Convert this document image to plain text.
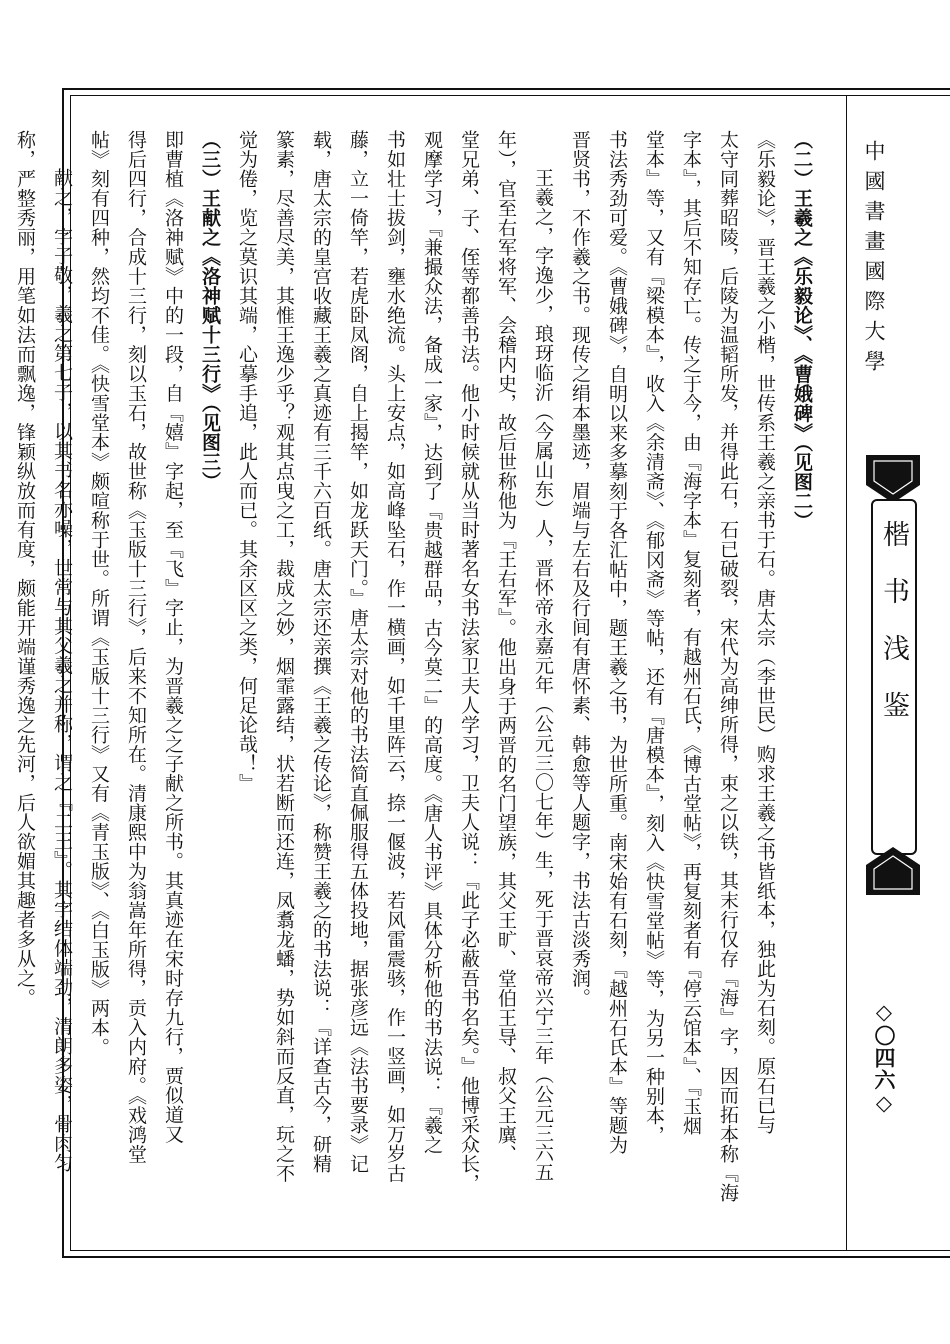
中國書畫國際大學
楷书浅鉴
◇〇四六◇
（二）王羲之《乐毅论》、《曹娥碑》（见图二）
《乐毅论》，晋王羲之小楷，世传系王羲之亲书于石。唐太宗（李世民）购求王羲之书皆纸本，独此为石刻。原石已与
太守同葬昭陵，后陵为温韬所发，并得此石，石已破裂，宋代为高绅所得，束之以铁，其末行仅存『海』字，因而拓本称『海
字本』，其后不知存亡。传之于今，由『海字本』复刻者，有越州石氏，《博古堂帖》，再复刻者有『停云馆本』、『玉烟
堂本』等，又有『梁模本』，收入《余清斋》、《郁冈斋》等帖，还有『唐模本』，刻入《快雪堂帖》等，为另一种别本，
书法秀劲可爱。《曹娥碑》，自明以来多摹刻于各汇帖中，题王羲之书，为世所重。南宋始有石刻，『越州石氏本』等题为
晋贤书，不作羲之书。现传之绢本墨迹，眉端与左右及行间有唐怀素、韩愈等人题字，书法古淡秀润。
王羲之，字逸少，琅玡临沂（今属山东）人，晋怀帝永嘉元年（公元三〇七年）生，死于晋哀帝兴宁三年（公元三六五
年），官至右军将军、会稽内史，故后世称他为『王右军』。他出身于两晋的名门望族，其父王旷、堂伯王导、叔父王廙、
堂兄弟、子、侄等都善书法。他小时候就从当时著名女书法家卫夫人学习，卫夫人说：『此子必蔽吾书名矣。』他博采众长，
观摩学习，『兼撮众法，备成一家』，达到了『贵越群品，古今莫二』的高度。《唐人书评》具体分析他的书法说：『羲之
书如壮士拔剑，壅水绝流。头上安点，如高峰坠石，作一横画，如千里阵云，捺一偃波，若风雷震骇，作一竖画，如万岁古
藤，立一倚竿，若虎卧凤阁，自上揭竿，如龙跃天门。』唐太宗对他的书法简直佩服得五体投地，据张彦远《法书要录》记
载，唐太宗的皇宫收藏王羲之真迹有三千六百纸。唐太宗还亲撰《王羲之传论》，称赞王羲之的书法说：『详查古今，研精
篆素，尽善尽美，其惟王逸少乎？观其点曳之工，裁成之妙，烟霏露结，状若断而还连，凤翥龙蟠，势如斜而反直，玩之不
觉为倦，览之莫识其端，心摹手追，此人而已。其余区区之类，何足论哉！』
（三）王献之《洛神赋十三行》（见图三）
即曹植《洛神赋》中的一段，自『嬉』字起，至『飞』字止，为晋羲之之子献之所书。其真迹在宋时存九行，贾似道又
得后四行，合成十三行，刻以玉石，故世称《玉版十三行》，后来不知所在。清康熙中为翁嵩年所得，贡入内府。《戏鸿堂
帖》刻有四种，然均不佳。《快雪堂本》颇喧称于世。所谓《玉版十三行》又有《青玉版》、《白玉版》两本。
献之，字子敬，羲之第七子，以其书名亦噪，世常与其父羲之并称，谓之『二王』。其字结体端劲，清朗多姿，骨肉匀
称，严整秀丽，用笔如法而飘逸，锋颖纵放而有度，颇能开端谨秀逸之先河，后人欲媚其趣者多从之。
